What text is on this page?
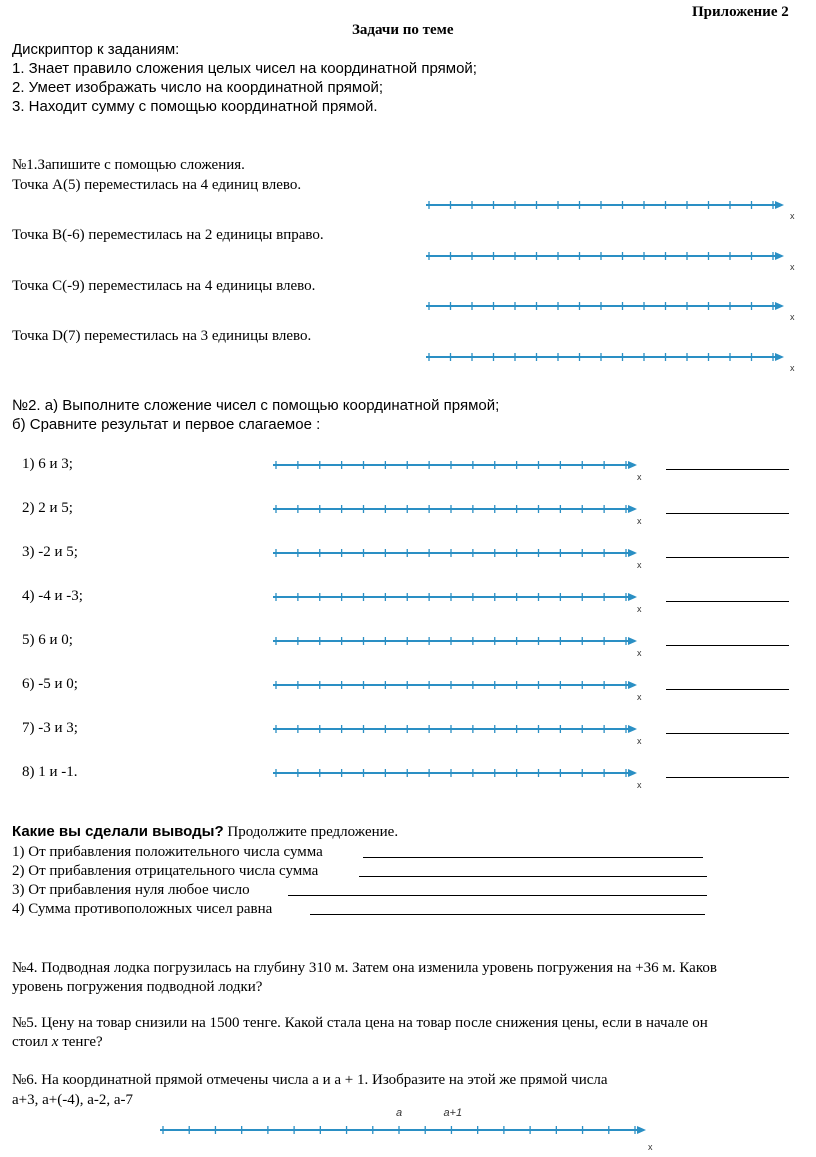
Приложение 2
Задачи по теме
Дискриптор к заданиям:
1. Знает правило сложения целых чисел на координатной прямой;
2. Умеет изображать число на координатной прямой;
3. Находит сумму с помощью координатной прямой.
№1.Запишите с помощью сложения.
Точка А(5) переместилась на 4 единиц влево.
Точка В(-6) переместилась на 2 единицы вправо.
Точка С(-9) переместилась на 4 единицы влево.
Точка D(7) переместилась на 3 единицы влево.
x
x
x
x
№2. а) Выполните сложение чисел с помощью координатной прямой;
б) Сравните результат и первое слагаемое :
1) 6 и 3;
2) 2 и 5;
3) -2 и 5;
4) -4 и -3;
5) 6 и 0;
6) -5 и 0;
7) -3 и 3;
8) 1 и -1.
x
x
x
x
x
x
x
x
Какие вы сделали выводы? Продолжите предложение.
1) От прибавления положительного числа сумма
2) От прибавления отрицательного числа сумма
3) От прибавления нуля любое число
4) Сумма противоположных чисел равна
№4. Подводная лодка погрузилась на глубину 310 м. Затем она изменила уровень погружения на +36 м. Каков
уровень погружения подводной лодки?
№5. Цену на товар снизили на 1500 тенге. Какой стала цена на товар после снижения цены, если в начале он
стоил х тенге?
№6. На координатной прямой отмечены числа а и а + 1. Изобразите на этой же прямой числа
а+3, а+(-4), а-2, а-7
x
a	a+1
